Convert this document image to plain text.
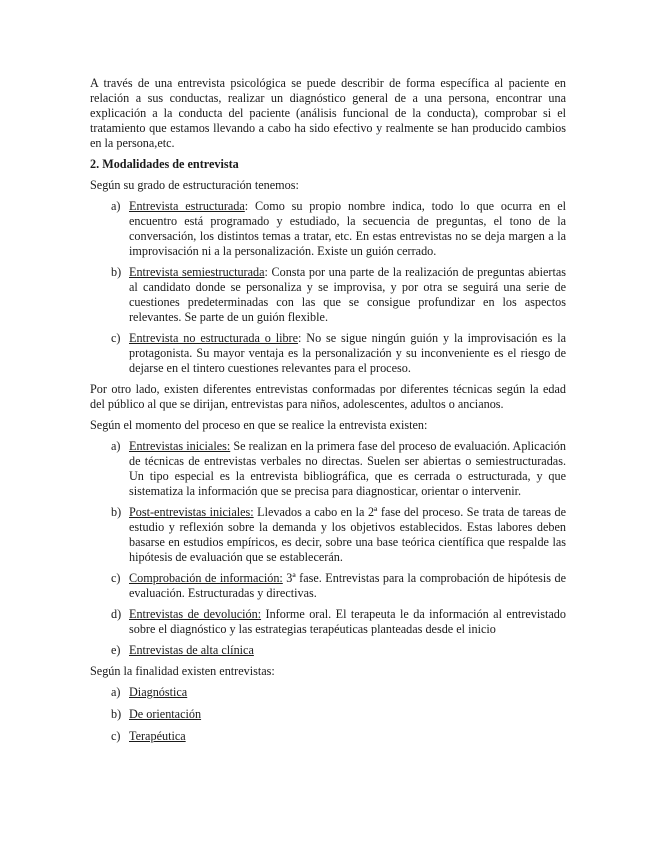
A través de una entrevista psicológica se puede describir de forma específica al paciente en relación a sus conductas, realizar un diagnóstico general de a una persona, encontrar una explicación a la conducta del paciente (análisis funcional de la conducta), comprobar si el tratamiento que estamos llevando a cabo ha sido efectivo y realmente se han producido cambios en la persona,etc.

2. Modalidades de entrevista

Según su grado de estructuración tenemos:

a) Entrevista estructurada: Como su propio nombre indica, todo lo que ocurra en el encuentro está programado y estudiado, la secuencia de preguntas, el tono de la conversación, los distintos temas a tratar, etc. En estas entrevistas no se deja margen a la improvisación ni a la personalización. Existe un guión cerrado.
b) Entrevista semiestructurada: Consta por una parte de la realización de preguntas abiertas al candidato donde se personaliza y se improvisa, y por otra se seguirá una serie de cuestiones predeterminadas con las que se consigue profundizar en los aspectos relevantes. Se parte de un guión flexible.
c) Entrevista no estructurada o libre: No se sigue ningún guión y la improvisación es la protagonista. Su mayor ventaja es la personalización y su inconveniente es el riesgo de dejarse en el tintero cuestiones relevantes para el proceso.

Por otro lado, existen diferentes entrevistas conformadas por diferentes técnicas según la edad del público al que se dirijan, entrevistas para niños, adolescentes, adultos o ancianos.

Según el momento del proceso en que se realice la entrevista existen:

a) Entrevistas iniciales: Se realizan en la primera fase del proceso de evaluación. Aplicación de técnicas de entrevistas verbales no directas. Suelen ser abiertas o semiestructuradas. Un tipo especial es la entrevista bibliográfica, que es cerrada o estructurada, y que sistematiza la información que se precisa para diagnosticar, orientar o intervenir.
b) Post-entrevistas iniciales: Llevados a cabo en la 2ª fase del proceso. Se trata de tareas de estudio y reflexión sobre la demanda y los objetivos establecidos. Estas labores deben basarse en estudios empíricos, es decir, sobre una base teórica científica que respalde las hipótesis de evaluación que se establecerán.
c) Comprobación de información: 3ª fase. Entrevistas para la comprobación de hipótesis de evaluación. Estructuradas y directivas.
d) Entrevistas de devolución: Informe oral. El terapeuta le da información al entrevistado sobre el diagnóstico y las estrategias terapéuticas planteadas desde el inicio
e) Entrevistas de alta clínica

Según la finalidad existen entrevistas:

a) Diagnóstica
b) De orientación
c) Terapéutica
